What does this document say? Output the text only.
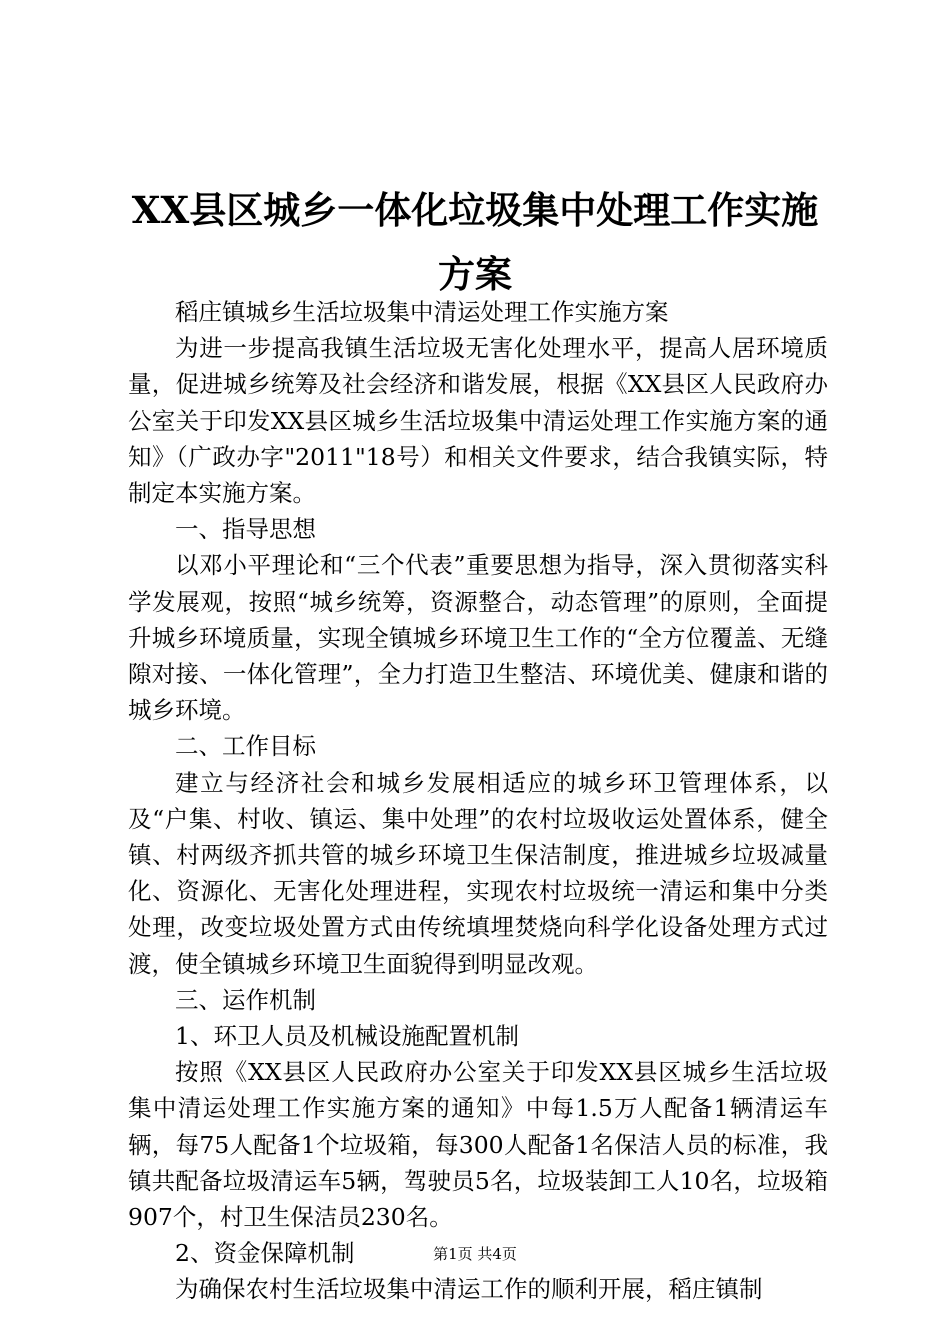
XX县区城乡一体化垃圾集中处理工作实施方案

稻庄镇城乡生活垃圾集中清运处理工作实施方案

为进一步提高我镇生活垃圾无害化处理水平，提高人居环境质量，促进城乡统筹及社会经济和谐发展，根据《XX县区人民政府办公室关于印发XX县区城乡生活垃圾集中清运处理工作实施方案的通知》（广政办字"2011"18号）和相关文件要求，结合我镇实际，特制定本实施方案。

一、指导思想

以邓小平理论和“三个代表”重要思想为指导，深入贯彻落实科学发展观，按照“城乡统筹，资源整合，动态管理”的原则，全面提升城乡环境质量，实现全镇城乡环境卫生工作的“全方位覆盖、无缝隙对接、一体化管理”，全力打造卫生整洁、环境优美、健康和谐的城乡环境。

二、工作目标

建立与经济社会和城乡发展相适应的城乡环卫管理体系，以及“户集、村收、镇运、集中处理”的农村垃圾收运处置体系，健全镇、村两级齐抓共管的城乡环境卫生保洁制度，推进城乡垃圾减量化、资源化、无害化处理进程，实现农村垃圾统一清运和集中分类处理，改变垃圾处置方式由传统填埋焚烧向科学化设备处理方式过渡，使全镇城乡环境卫生面貌得到明显改观。

三、运作机制

1、环卫人员及机械设施配置机制

按照《XX县区人民政府办公室关于印发XX县区城乡生活垃圾集中清运处理工作实施方案的通知》中每1.5万人配备1辆清运车辆，每75人配备1个垃圾箱，每300人配备1名保洁人员的标准，我镇共配备垃圾清运车5辆，驾驶员5名，垃圾装卸工人10名，垃圾箱907个，村卫生保洁员230名。

2、资金保障机制

为确保农村生活垃圾集中清运工作的顺利开展，稻庄镇制

第1页 共4页
